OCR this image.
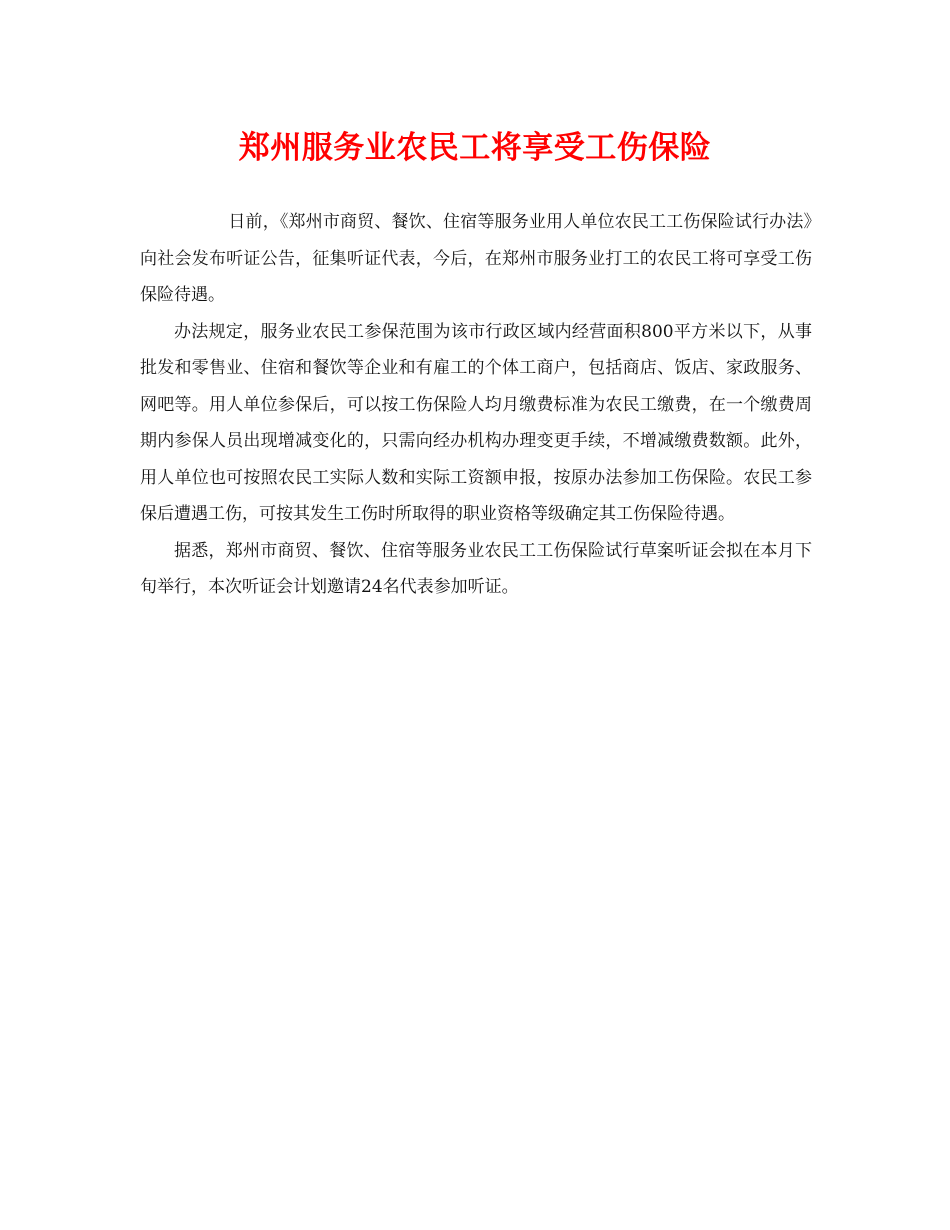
郑州服务业农民工将享受工伤保险

日前，《郑州市商贸、餐饮、住宿等服务业用人单位农民工工伤保险试行办法》向社会发布听证公告，征集听证代表，今后，在郑州市服务业打工的农民工将可享受工伤保险待遇。

办法规定，服务业农民工参保范围为该市行政区域内经营面积800平方米以下，从事批发和零售业、住宿和餐饮等企业和有雇工的个体工商户，包括商店、饭店、家政服务、网吧等。用人单位参保后，可以按工伤保险人均月缴费标准为农民工缴费，在一个缴费周期内参保人员出现增减变化的，只需向经办机构办理变更手续，不增减缴费数额。此外，用人单位也可按照农民工实际人数和实际工资额申报，按原办法参加工伤保险。农民工参保后遭遇工伤，可按其发生工伤时所取得的职业资格等级确定其工伤保险待遇。

据悉，郑州市商贸、餐饮、住宿等服务业农民工工伤保险试行草案听证会拟在本月下旬举行，本次听证会计划邀请24名代表参加听证。
